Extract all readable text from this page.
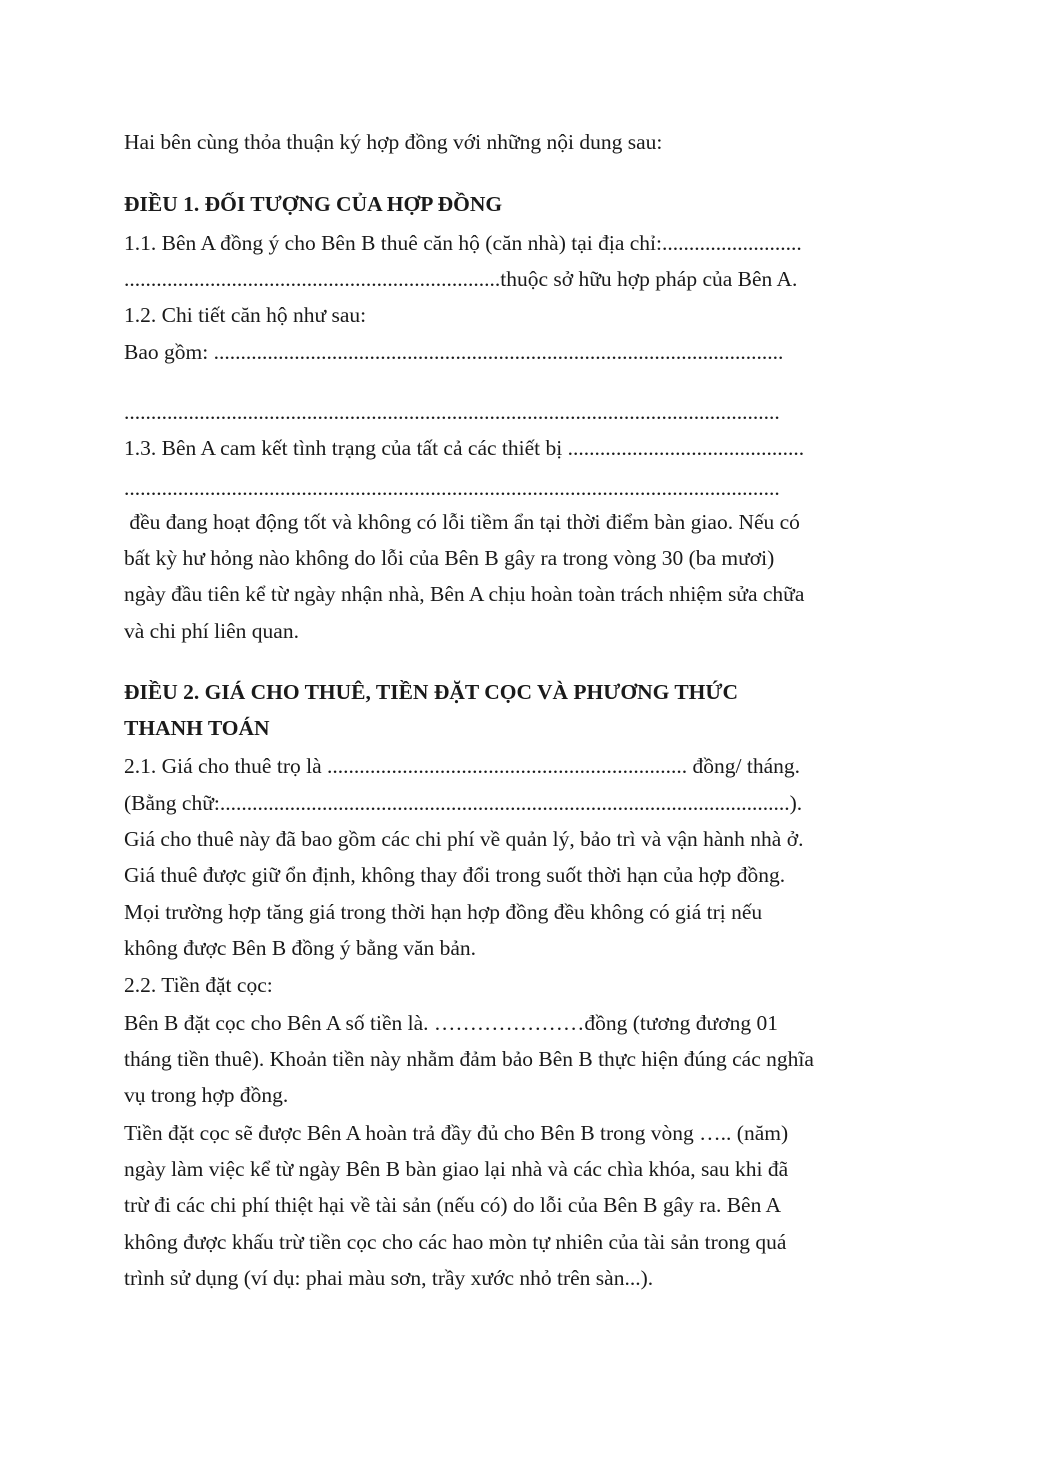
Hai bên cùng thỏa thuận ký hợp đồng với những nội dung sau:
ĐIỀU 1. ĐỐI TƯỢNG CỦA HỢP ĐỒNG
1.1. Bên A đồng ý cho Bên B thuê căn hộ (căn nhà) tại địa chỉ:..........................
......................................................................thuộc sở hữu hợp pháp của Bên A.
1.2. Chi tiết căn hộ như sau:
Bao gồm: ..........................................................................................................
..........................................................................................................................
1.3. Bên A cam kết tình trạng của tất cả các thiết bị ............................................
..........................................................................................................................
đều đang hoạt động tốt và không có lỗi tiềm ẩn tại thời điểm bàn giao. Nếu có
bất kỳ hư hỏng nào không do lỗi của Bên B gây ra trong vòng 30 (ba mươi)
ngày đầu tiên kể từ ngày nhận nhà, Bên A chịu hoàn toàn trách nhiệm sửa chữa
và chi phí liên quan.
ĐIỀU 2. GIÁ CHO THUÊ, TIỀN ĐẶT CỌC VÀ PHƯƠNG THỨC
THANH TOÁN
2.1. Giá cho thuê trọ là ................................................................... đồng/ tháng.
(Bằng chữ:..........................................................................................................).
Giá cho thuê này đã bao gồm các chi phí về quản lý, bảo trì và vận hành nhà ở.
Giá thuê được giữ ổn định, không thay đổi trong suốt thời hạn của hợp đồng.
Mọi trường hợp tăng giá trong thời hạn hợp đồng đều không có giá trị nếu
không được Bên B đồng ý bằng văn bản.
2.2. Tiền đặt cọc:
Bên B đặt cọc cho Bên A số tiền là. …………………đồng (tương đương 01
tháng tiền thuê). Khoản tiền này nhằm đảm bảo Bên B thực hiện đúng các nghĩa
vụ trong hợp đồng.
Tiền đặt cọc sẽ được Bên A hoàn trả đầy đủ cho Bên B trong vòng ….. (năm)
ngày làm việc kể từ ngày Bên B bàn giao lại nhà và các chìa khóa, sau khi đã
trừ đi các chi phí thiệt hại về tài sản (nếu có) do lỗi của Bên B gây ra. Bên A
không được khấu trừ tiền cọc cho các hao mòn tự nhiên của tài sản trong quá
trình sử dụng (ví dụ: phai màu sơn, trầy xước nhỏ trên sàn...).
